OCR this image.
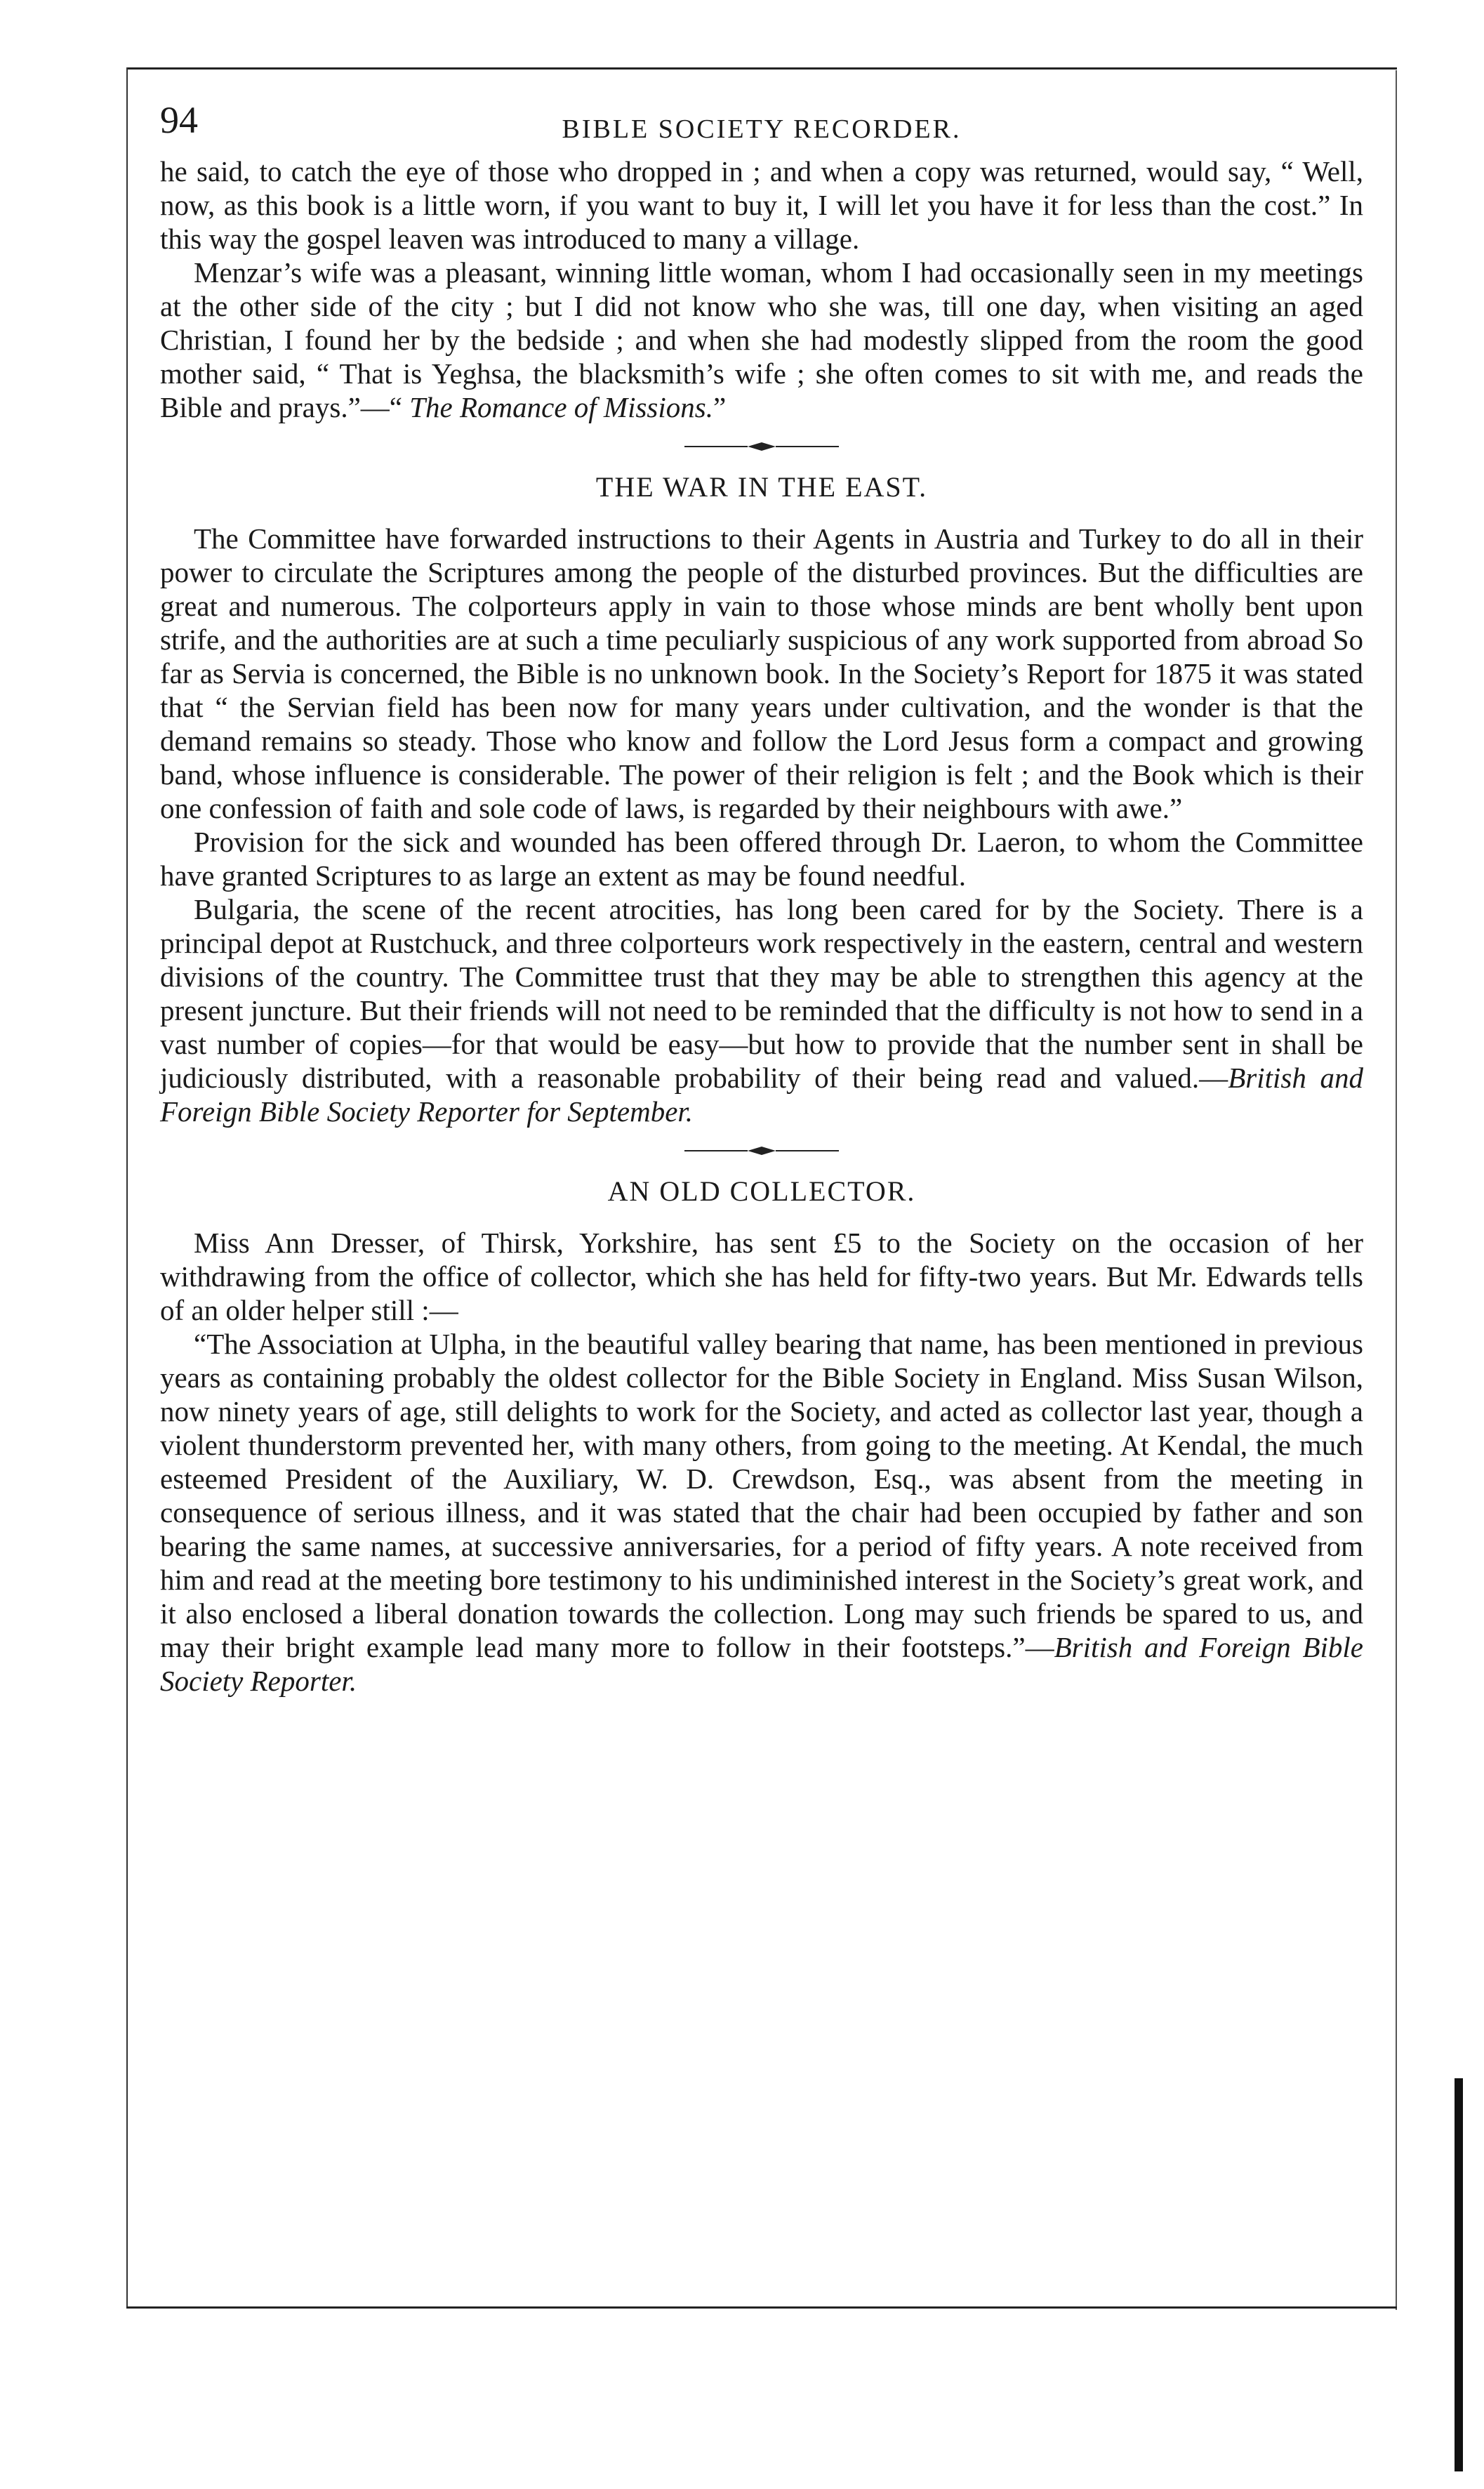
94	BIBLE SOCIETY RECORDER.

he said, to catch the eye of those who dropped in ; and when a copy was returned, would say, “ Well, now, as this book is a little worn, if you want to buy it, I will let you have it for less than the cost.” In this way the gospel leaven was introduced to many a village.

Menzar’s wife was a pleasant, winning little woman, whom I had occasionally seen in my meetings at the other side of the city ; but I did not know who she was, till one day, when visiting an aged Christian, I found her by the bedside ; and when she had modestly slipped from the room the good mother said, “ That is Yeghsa, the blacksmith’s wife ; she often comes to sit with me, and reads the Bible and prays.”—“ The Romance of Missions.”

THE WAR IN THE EAST.

The Committee have forwarded instructions to their Agents in Austria and Turkey to do all in their power to circulate the Scriptures among the people of the disturbed provinces. But the difficulties are great and numerous. The colporteurs apply in vain to those whose minds are bent wholly bent upon strife, and the authorities are at such a time peculiarly suspicious of any work supported from abroad So far as Servia is concerned, the Bible is no unknown book. In the Society’s Report for 1875 it was stated that “ the Servian field has been now for many years under cultivation, and the wonder is that the demand remains so steady. Those who know and follow the Lord Jesus form a compact and growing band, whose influence is considerable. The power of their religion is felt ; and the Book which is their one confession of faith and sole code of laws, is regarded by their neighbours with awe.”

Provision for the sick and wounded has been offered through Dr. Laeron, to whom the Committee have granted Scriptures to as large an extent as may be found needful.

Bulgaria, the scene of the recent atrocities, has long been cared for by the Society. There is a principal depot at Rustchuck, and three colporteurs work respectively in the eastern, central and western divisions of the country. The Committee trust that they may be able to strengthen this agency at the present juncture. But their friends will not need to be reminded that the difficulty is not how to send in a vast number of copies—for that would be easy—but how to provide that the number sent in shall be judiciously distributed, with a reasonable probability of their being read and valued.—British and Foreign Bible Society Reporter for September.

AN OLD COLLECTOR.

Miss Ann Dresser, of Thirsk, Yorkshire, has sent £5 to the Society on the occasion of her withdrawing from the office of collector, which she has held for fifty-two years. But Mr. Edwards tells of an older helper still :—

“The Association at Ulpha, in the beautiful valley bearing that name, has been mentioned in previous years as containing probably the oldest collector for the Bible Society in England. Miss Susan Wilson, now ninety years of age, still delights to work for the Society, and acted as collector last year, though a violent thunderstorm prevented her, with many others, from going to the meeting. At Kendal, the much esteemed President of the Auxiliary, W. D. Crewdson, Esq., was absent from the meeting in consequence of serious illness, and it was stated that the chair had been occupied by father and son bearing the same names, at successive anniversaries, for a period of fifty years. A note received from him and read at the meeting bore testimony to his undiminished interest in the Society’s great work, and it also enclosed a liberal donation towards the collection. Long may such friends be spared to us, and may their bright example lead many more to follow in their footsteps.”—British and Foreign Bible Society Reporter.
